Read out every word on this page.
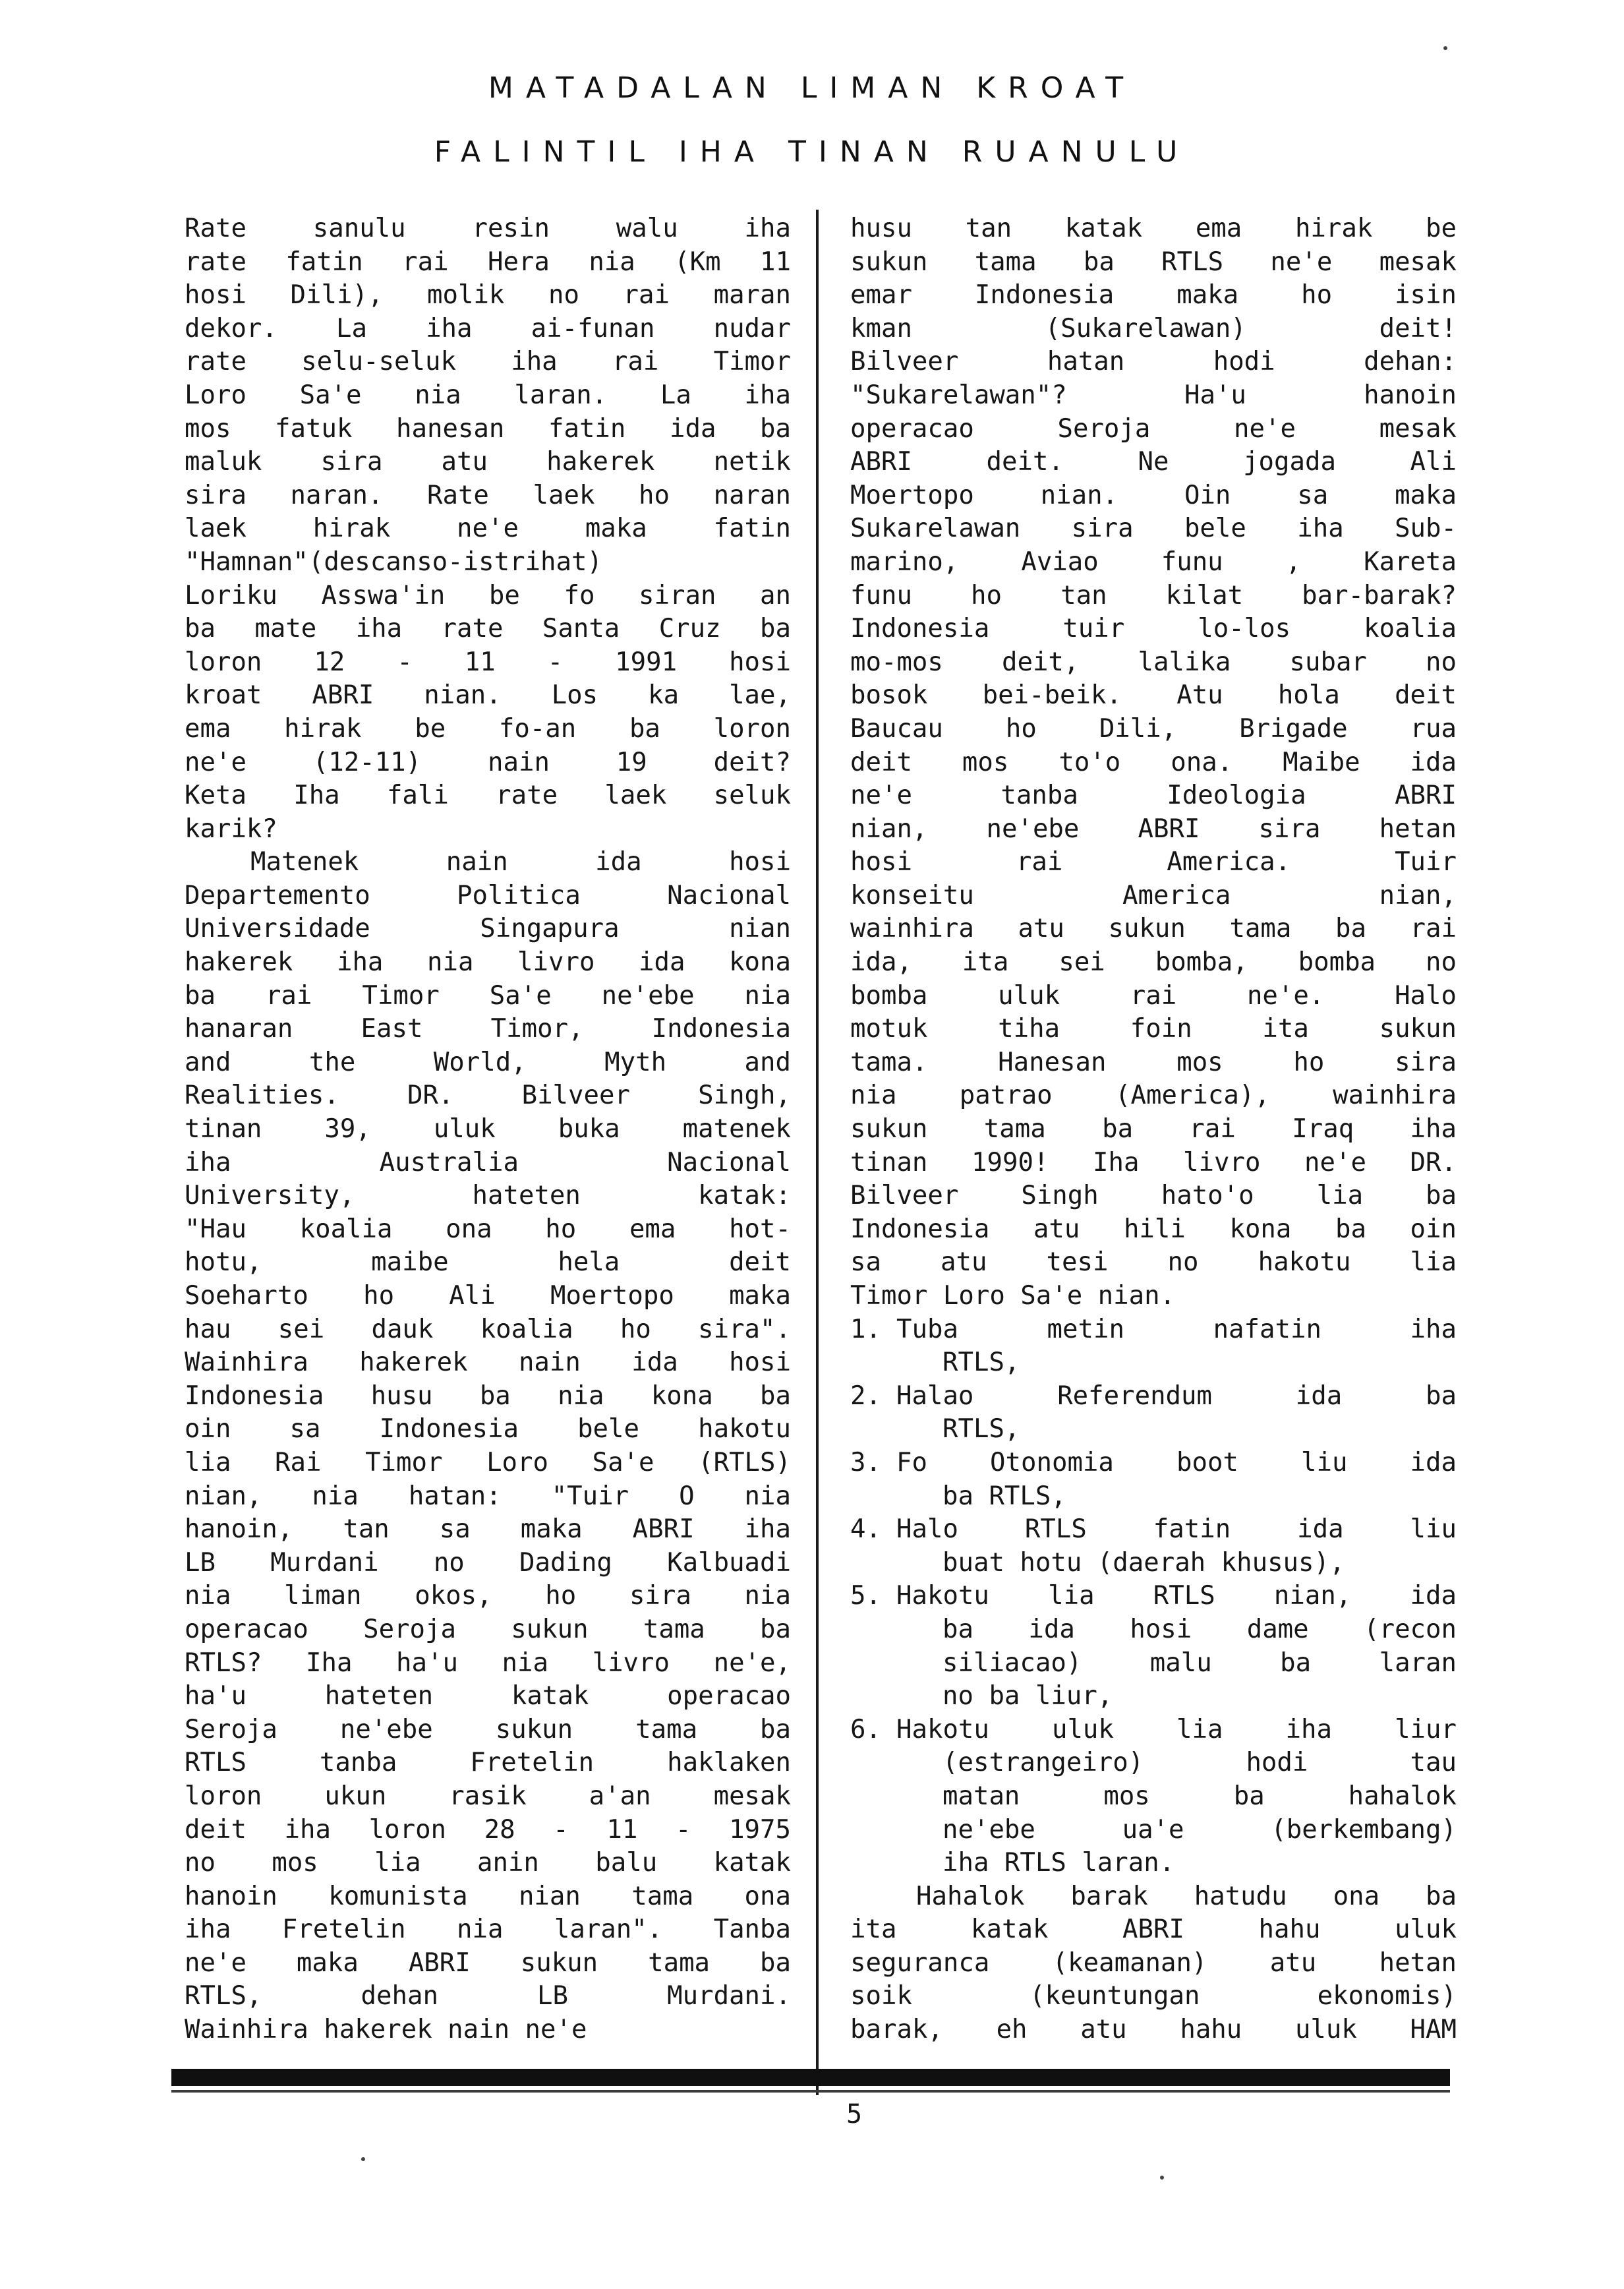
MATADALAN LIMAN KROAT
FALINTIL IHA TINAN RUANULU
Rate sanulu resin walu iha
rate fatin rai Hera nia (Km 11
hosi Dili), molik no rai maran
dekor. La iha ai-funan nudar
rate selu-seluk iha rai Timor
Loro Sa'e nia laran. La iha
mos fatuk hanesan fatin ida ba
maluk sira atu hakerek netik
sira naran. Rate laek ho naran
laek hirak ne'e maka fatin
"Hamnan"(descanso-istrihat)
Loriku Asswa'in be fo siran an
ba mate iha rate Santa Cruz ba
loron 12 - 11 - 1991 hosi
kroat ABRI nian. Los ka lae,
ema hirak be fo-an ba loron
ne'e (12-11) nain 19 deit?
Keta Iha fali rate laek seluk
karik?
Matenek nain ida hosi
Departemento Politica Nacional
Universidade Singapura nian
hakerek iha nia livro ida kona
ba rai Timor Sa'e ne'ebe nia
hanaran East Timor, Indonesia
and the World, Myth and
Realities. DR. Bilveer Singh,
tinan 39, uluk buka matenek
iha Australia Nacional
University, hateten katak:
"Hau koalia ona ho ema hot-
hotu, maibe hela deit
Soeharto ho Ali Moertopo maka
hau sei dauk koalia ho sira".
Wainhira hakerek nain ida hosi
Indonesia husu ba nia kona ba
oin sa Indonesia bele hakotu
lia Rai Timor Loro Sa'e (RTLS)
nian, nia hatan: "Tuir O nia
hanoin, tan sa maka ABRI iha
LB Murdani no Dading Kalbuadi
nia liman okos, ho sira nia
operacao Seroja sukun tama ba
RTLS? Iha ha'u nia livro ne'e,
ha'u hateten katak operacao
Seroja ne'ebe sukun tama ba
RTLS tanba Fretelin haklaken
loron ukun rasik a'an mesak
deit iha loron 28 - 11 - 1975
no mos lia anin balu katak
hanoin komunista nian tama ona
iha Fretelin nia laran". Tanba
ne'e maka ABRI sukun tama ba
RTLS, dehan LB Murdani.
Wainhira hakerek nain ne'e
husu tan katak ema hirak be
sukun tama ba RTLS ne'e mesak
emar Indonesia maka ho isin
kman (Sukarelawan) deit!
Bilveer hatan hodi dehan:
"Sukarelawan"? Ha'u hanoin
operacao Seroja ne'e mesak
ABRI deit. Ne jogada Ali
Moertopo nian. Oin sa maka
Sukarelawan sira bele iha Sub-
marino, Aviao funu , Kareta
funu ho tan kilat bar-barak?
Indonesia tuir lo-los koalia
mo-mos deit, lalika subar no
bosok bei-beik. Atu hola deit
Baucau ho Dili, Brigade rua
deit mos to'o ona. Maibe ida
ne'e tanba Ideologia ABRI
nian, ne'ebe ABRI sira hetan
hosi rai America. Tuir
konseitu America nian,
wainhira atu sukun tama ba rai
ida, ita sei bomba, bomba no
bomba uluk rai ne'e. Halo
motuk tiha foin ita sukun
tama. Hanesan mos ho sira
nia patrao (America), wainhira
sukun tama ba rai Iraq iha
tinan 1990! Iha livro ne'e DR.
Bilveer Singh hato'o lia ba
Indonesia atu hili kona ba oin
sa atu tesi no hakotu lia
Timor Loro Sa'e nian.
1. Tuba metin nafatin iha
RTLS,
2. Halao Referendum ida ba
RTLS,
3. Fo Otonomia boot liu ida
ba RTLS,
4. Halo RTLS fatin ida liu
buat hotu (daerah khusus),
5. Hakotu lia RTLS nian, ida
ba ida hosi dame (recon
siliacao) malu ba laran
no ba liur,
6. Hakotu uluk lia iha liur
(estrangeiro) hodi tau
matan mos ba hahalok
ne'ebe ua'e (berkembang)
iha RTLS laran.
Hahalok barak hatudu ona ba
ita katak ABRI hahu uluk
seguranca (keamanan) atu hetan
soik (keuntungan ekonomis)
barak, eh atu hahu uluk HAM
5
